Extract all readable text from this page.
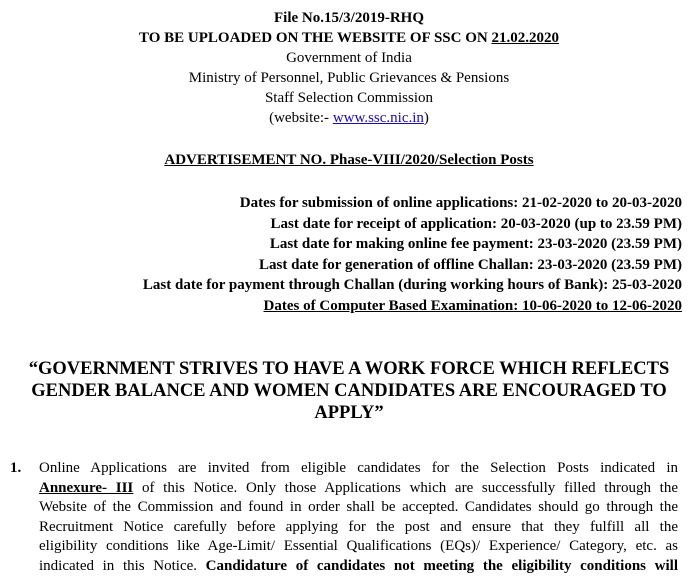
File No.15/3/2019-RHQ
TO BE UPLOADED ON THE WEBSITE OF SSC ON 21.02.2020
Government of India
Ministry of Personnel, Public Grievances & Pensions
Staff Selection Commission
(website:- www.ssc.nic.in)
ADVERTISEMENT NO. Phase-VIII/2020/Selection Posts
Dates for submission of online applications: 21-02-2020 to 20-03-2020
Last date for receipt of application: 20-03-2020 (up to 23.59 PM)
Last date for making online fee payment: 23-03-2020 (23.59 PM)
Last date for generation of offline Challan: 23-03-2020 (23.59 PM)
Last date for payment through Challan (during working hours of Bank): 25-03-2020
Dates of Computer Based Examination: 10-06-2020 to 12-06-2020
“GOVERNMENT STRIVES TO HAVE A WORK FORCE WHICH REFLECTS
GENDER BALANCE AND WOMEN CANDIDATES ARE ENCOURAGED TO
APPLY”
1. Online Applications are invited from eligible candidates for the Selection Posts indicated in
Annexure- III of this Notice. Only those Applications which are successfully filled through the
Website of the Commission and found in order shall be accepted. Candidates should go through the
Recruitment Notice carefully before applying for the post and ensure that they fulfill all the
eligibility conditions like Age-Limit/ Essential Qualifications (EQs)/ Experience/ Category, etc. as
indicated in this Notice. Candidature of candidates not meeting the eligibility conditions will
